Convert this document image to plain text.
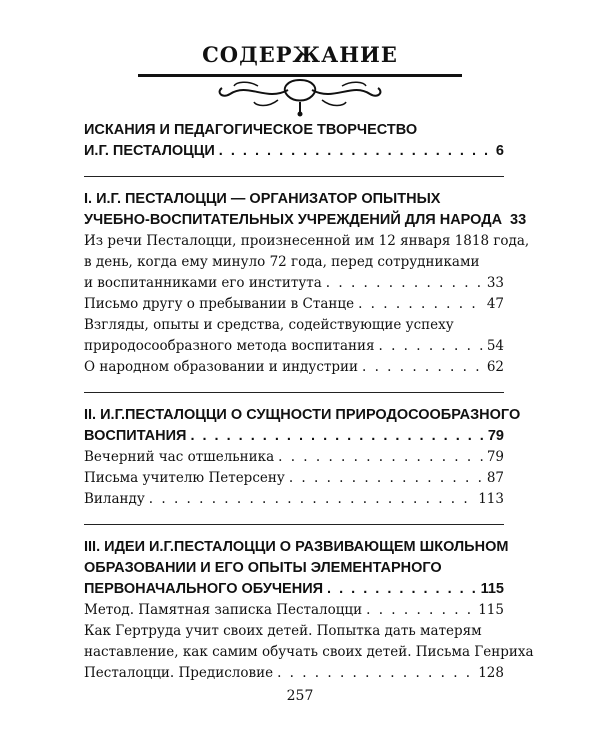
СОДЕРЖАНИЕ
ИСКАНИЯ И ПЕДАГОГИЧЕСКОЕ ТВОРЧЕСТВО
И.Г. ПЕСТАЛОЦЦИ . . .	6
I. И.Г. ПЕСТАЛОЦЦИ — ОРГАНИЗАТОР ОПЫТНЫХ
УЧЕБНО-ВОСПИТАТЕЛЬНЫХ УЧРЕЖДЕНИЙ ДЛЯ НАРОДА 33
Из речи Песталоцци, произнесенной им 12 января 1818 года,
в день, когда ему минуло 72 года, перед сотрудниками
и воспитанниками его института . . .	33
Письмо другу о пребывании в Станце . . .	47
Взгляды, опыты и средства, содействующие успеху
природосообразного метода воспитания . . .	54
О народном образовании и индустрии . . .	62
II. И.Г.ПЕСТАЛОЦЦИ О СУЩНОСТИ ПРИРОДОСООБРАЗНОГО
ВОСПИТАНИЯ . . .	79
Вечерний час отшельника . . .	79
Письма учителю Петерсену . . .	87
Виланду . . .	113
III. ИДЕИ И.Г.ПЕСТАЛОЦЦИ О РАЗВИВАЮЩЕМ ШКОЛЬНОМ
ОБРАЗОВАНИИ И ЕГО ОПЫТЫ ЭЛЕМЕНТАРНОГО
ПЕРВОНАЧАЛЬНОГО ОБУЧЕНИЯ . . .	115
Метод. Памятная записка Песталоцци . . .	115
Как Гертруда учит своих детей. Попытка дать матерям
наставление, как самим обучать своих детей. Письма Генриха
Песталоцци. Предисловие . . .	128
257
